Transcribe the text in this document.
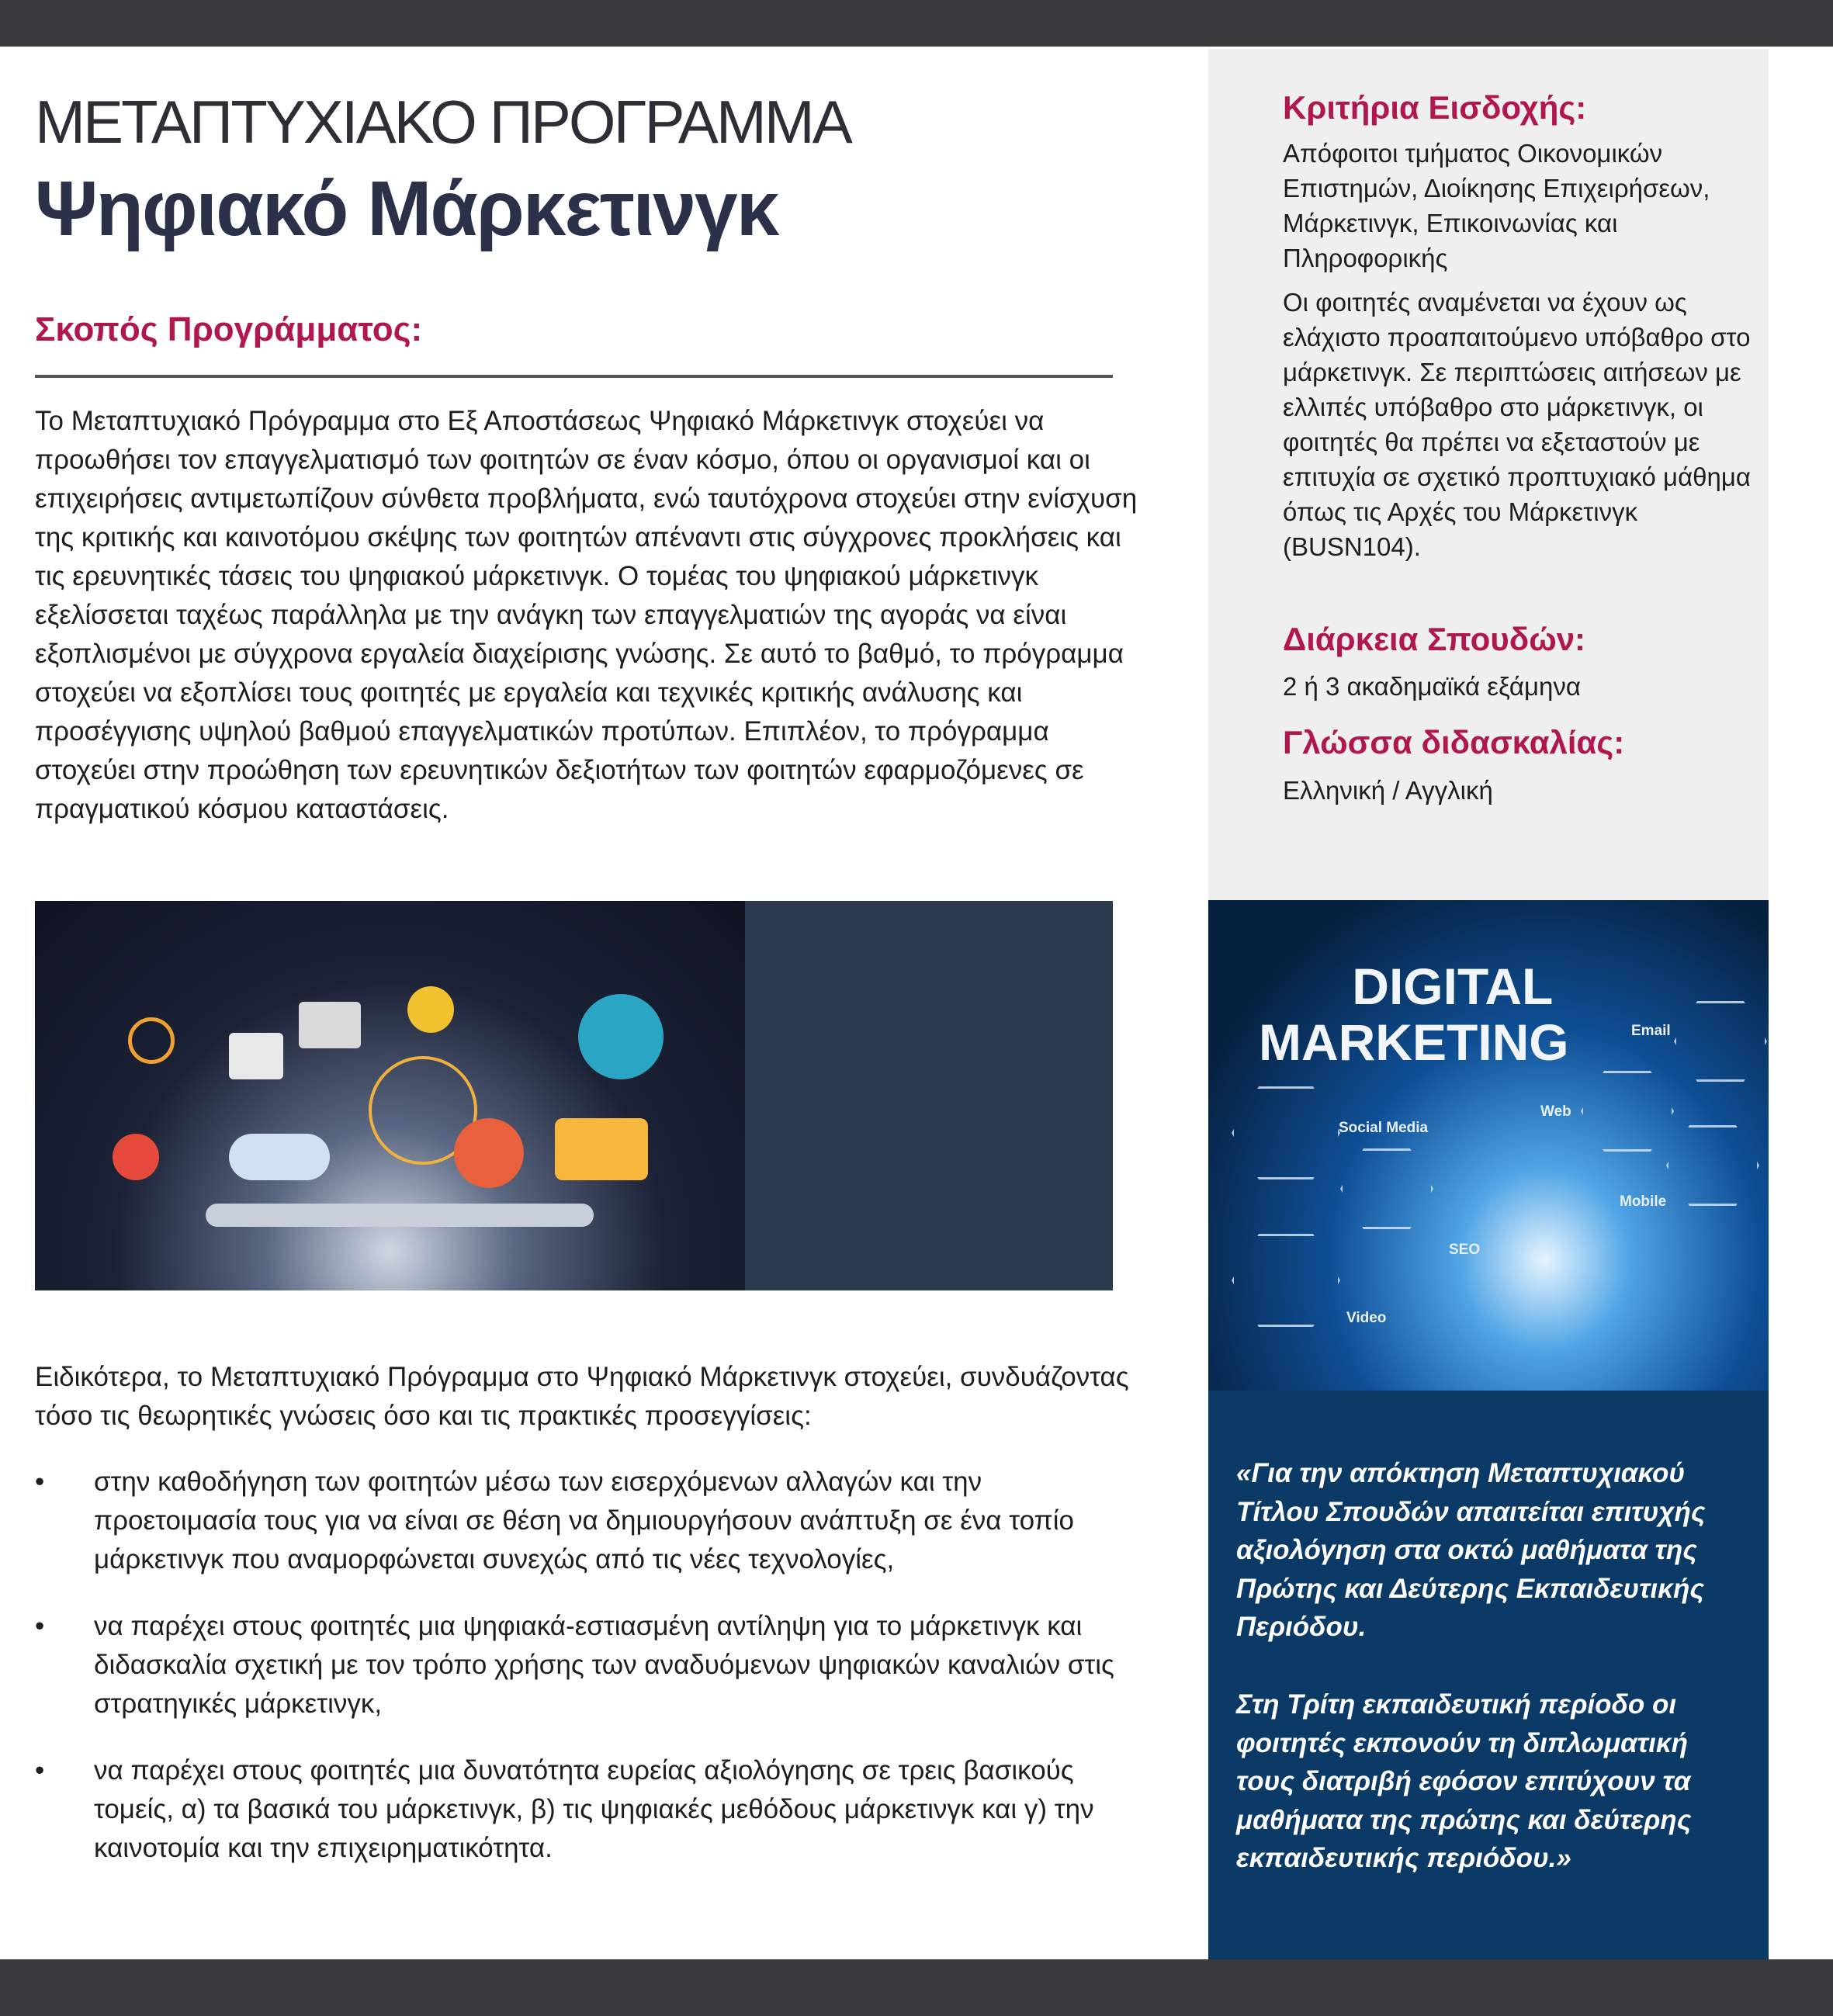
ΜΕΤΑΠΤΥΧΙΑΚΟ ΠΡΟΓΡΑΜΜΑ
Ψηφιακό Μάρκετινγκ
Σκοπός Προγράμματος:
Το Μεταπτυχιακό Πρόγραμμα στο Εξ Αποστάσεως Ψηφιακό Μάρκετινγκ στοχεύει να προωθήσει τον επαγγελματισμό των φοιτητών σε έναν κόσμο, όπου οι οργανισμοί και οι επιχειρήσεις αντιμετωπίζουν σύνθετα προβλήματα, ενώ ταυτόχρονα στοχεύει στην ενίσχυση της κριτικής και καινοτόμου σκέψης των φοιτητών απέναντι στις σύγχρονες προκλήσεις και τις ερευνητικές τάσεις του ψηφιακού μάρκετινγκ. Ο τομέας του ψηφιακού μάρκετινγκ εξελίσσεται ταχέως παράλληλα με την ανάγκη των επαγγελματιών της αγοράς να είναι εξοπλισμένοι με σύγχρονα εργαλεία διαχείρισης γνώσης. Σε αυτό το βαθμό, το πρόγραμμα στοχεύει να εξοπλίσει τους φοιτητές με εργαλεία και τεχνικές κριτικής ανάλυσης και προσέγγισης υψηλού βαθμού επαγγελματικών προτύπων. Επιπλέον, το πρόγραμμα στοχεύει στην προώθηση των ερευνητικών δεξιοτήτων των φοιτητών εφαρμοζόμενες σε πραγματικού κόσμου καταστάσεις.
Ειδικότερα, το Μεταπτυχιακό Πρόγραμμα στο Ψηφιακό Μάρκετινγκ στοχεύει, συνδυάζοντας τόσο τις θεωρητικές γνώσεις όσο και τις πρακτικές προσεγγίσεις:
• στην καθοδήγηση των φοιτητών μέσω των εισερχόμενων αλλαγών και την προετοιμασία τους για να είναι σε θέση να δημιουργήσουν ανάπτυξη σε ένα τοπίο μάρκετινγκ που αναμορφώνεται συνεχώς από τις νέες τεχνολογίες,
• να παρέχει στους φοιτητές μια ψηφιακά-εστιασμένη αντίληψη για το μάρκετινγκ και διδασκαλία σχετική με τον τρόπο χρήσης των αναδυόμενων ψηφιακών καναλιών στις στρατηγικές μάρκετινγκ,
• να παρέχει στους φοιτητές μια δυνατότητα ευρείας αξιολόγησης σε τρεις βασικούς τομείς, α) τα βασικά του μάρκετινγκ, β) τις ψηφιακές μεθόδους μάρκετινγκ και γ) την καινοτομία και την επιχειρηματικότητα.
Κριτήρια Εισδοχής:
Απόφοιτοι τμήματος Οικονομικών Επιστημών, Διοίκησης Επιχειρήσεων, Μάρκετινγκ, Επικοινωνίας και Πληροφορικής
Οι φοιτητές αναμένεται να έχουν ως ελάχιστο προαπαιτούμενο υπόβαθρο στο μάρκετινγκ. Σε περιπτώσεις αιτήσεων με ελλιπές υπόβαθρο στο μάρκετινγκ, οι φοιτητές θα πρέπει να εξεταστούν με επιτυχία σε σχετικό προπτυχιακό μάθημα όπως τις Αρχές του Μάρκετινγκ (BUSN104).
Διάρκεια Σπουδών:
2 ή 3 ακαδημαϊκά εξάμηνα
Γλώσσα διδασκαλίας:
Ελληνική / Αγγλική
DIGITAL
MARKETING
Social Media
Email
Web
Mobile
SEO
Video
«Για την απόκτηση Μεταπτυχιακού Τίτλου Σπουδών απαιτείται επιτυχής αξιολόγηση στα οκτώ μαθήματα της Πρώτης και Δεύτερης Εκπαιδευτικής Περιόδου.
Στη Τρίτη εκπαιδευτική περίοδο οι φοιτητές εκπονούν τη διπλωματική τους διατριβή εφόσον επιτύχουν τα μαθήματα της πρώτης και δεύτερης εκπαιδευτικής περιόδου.»
